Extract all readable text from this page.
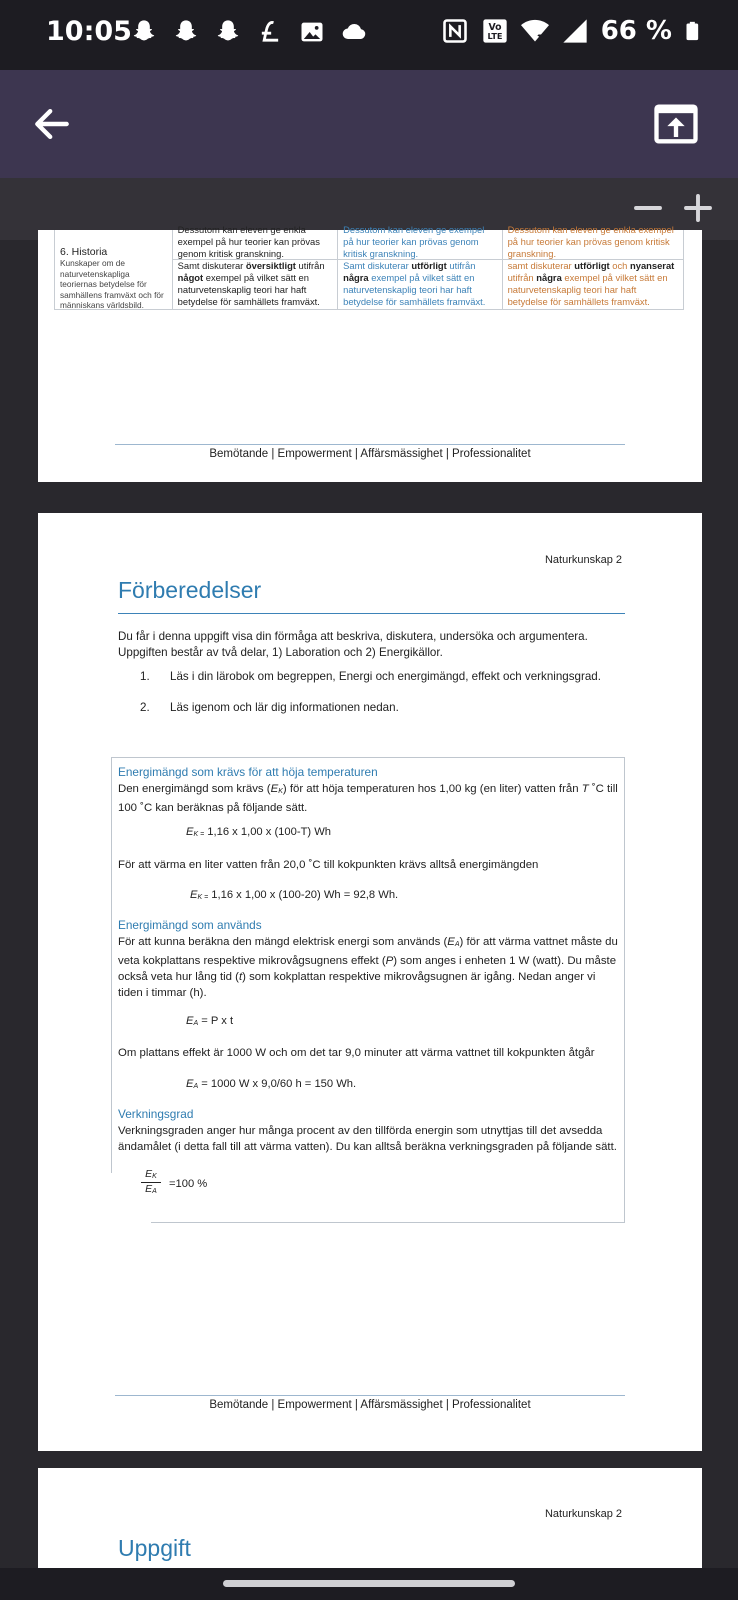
10:05	Vo
LTE	66 %
6. Historia
Kunskaper om de naturvetenskapliga teoriernas betydelse för samhällens framväxt och för människans världsbild.
Dessutom kan eleven ge enkla exempel på hur teorier kan prövas genom kritisk granskning.
Samt diskuterar översiktligt utifrån något exempel på vilket sätt en naturvetenskaplig teori har haft betydelse för samhällets framväxt.
Dessutom kan eleven ge exempel på hur teorier kan prövas genom kritisk granskning.
Samt diskuterar utförligt utifrån några exempel på vilket sätt en naturvetenskaplig teori har haft betydelse för samhällets framväxt.
Dessutom kan eleven ge enkla exempel på hur teorier kan prövas genom kritisk granskning.
samt diskuterar utförligt och nyanserat utifrån några exempel på vilket sätt en naturvetenskaplig teori har haft betydelse för samhällets framväxt.
Bemötande | Empowerment | Affärsmässighet | Professionalitet
Naturkunskap 2
Förberedelser
Du får i denna uppgift visa din förmåga att beskriva, diskutera, undersöka och argumentera. Uppgiften består av två delar, 1) Laboration och 2) Energikällor.
1. Läs i din lärobok om begreppen, Energi och energimängd, effekt och verkningsgrad.
2. Läs igenom och lär dig informationen nedan.
Energimängd som krävs för att höja temperaturen
Den energimängd som krävs $(E_K)$ för att höja temperaturen hos 1,00 kg (en liter) vatten från T ˚C till 100 ˚C kan beräknas på följande sätt.
$E_{K =}$ 1,16 x 1,00 x (100-T) Wh
För att värma en liter vatten från 20,0 ˚C till kokpunkten krävs alltså energimängden
$E_{K =}$ 1,16 x 1,00 x (100-20) Wh = 92,8 Wh.
Energimängd som används
För att kunna beräkna den mängd elektrisk energi som används $(E_A)$ för att värma vattnet måste du veta kokplattans respektive mikrovågsugnens effekt (P) som anges i enheten 1 W (watt). Du måste också veta hur lång tid (t) som kokplattan respektive mikrovågsugnen är igång. Nedan anger vi tiden i timmar (h).
$E_A = P$ x t
Om plattans effekt är 1000 W och om det tar 9,0 minuter att värma vattnet till kokpunkten åtgår
$E_A = 1000$ W x 9,0/60 h = 150 Wh.
Verkningsgrad
Verkningsgraden anger hur många procent av den tillförda energin som utnyttjas till det avsedda ändamålet (i detta fall till att värma vatten). Du kan alltså beräkna verkningsgraden på följande sätt.
$\frac{E_K}{E_A} =100$ %
Bemötande | Empowerment | Affärsmässighet | Professionalitet
Naturkunskap 2
Uppgift
